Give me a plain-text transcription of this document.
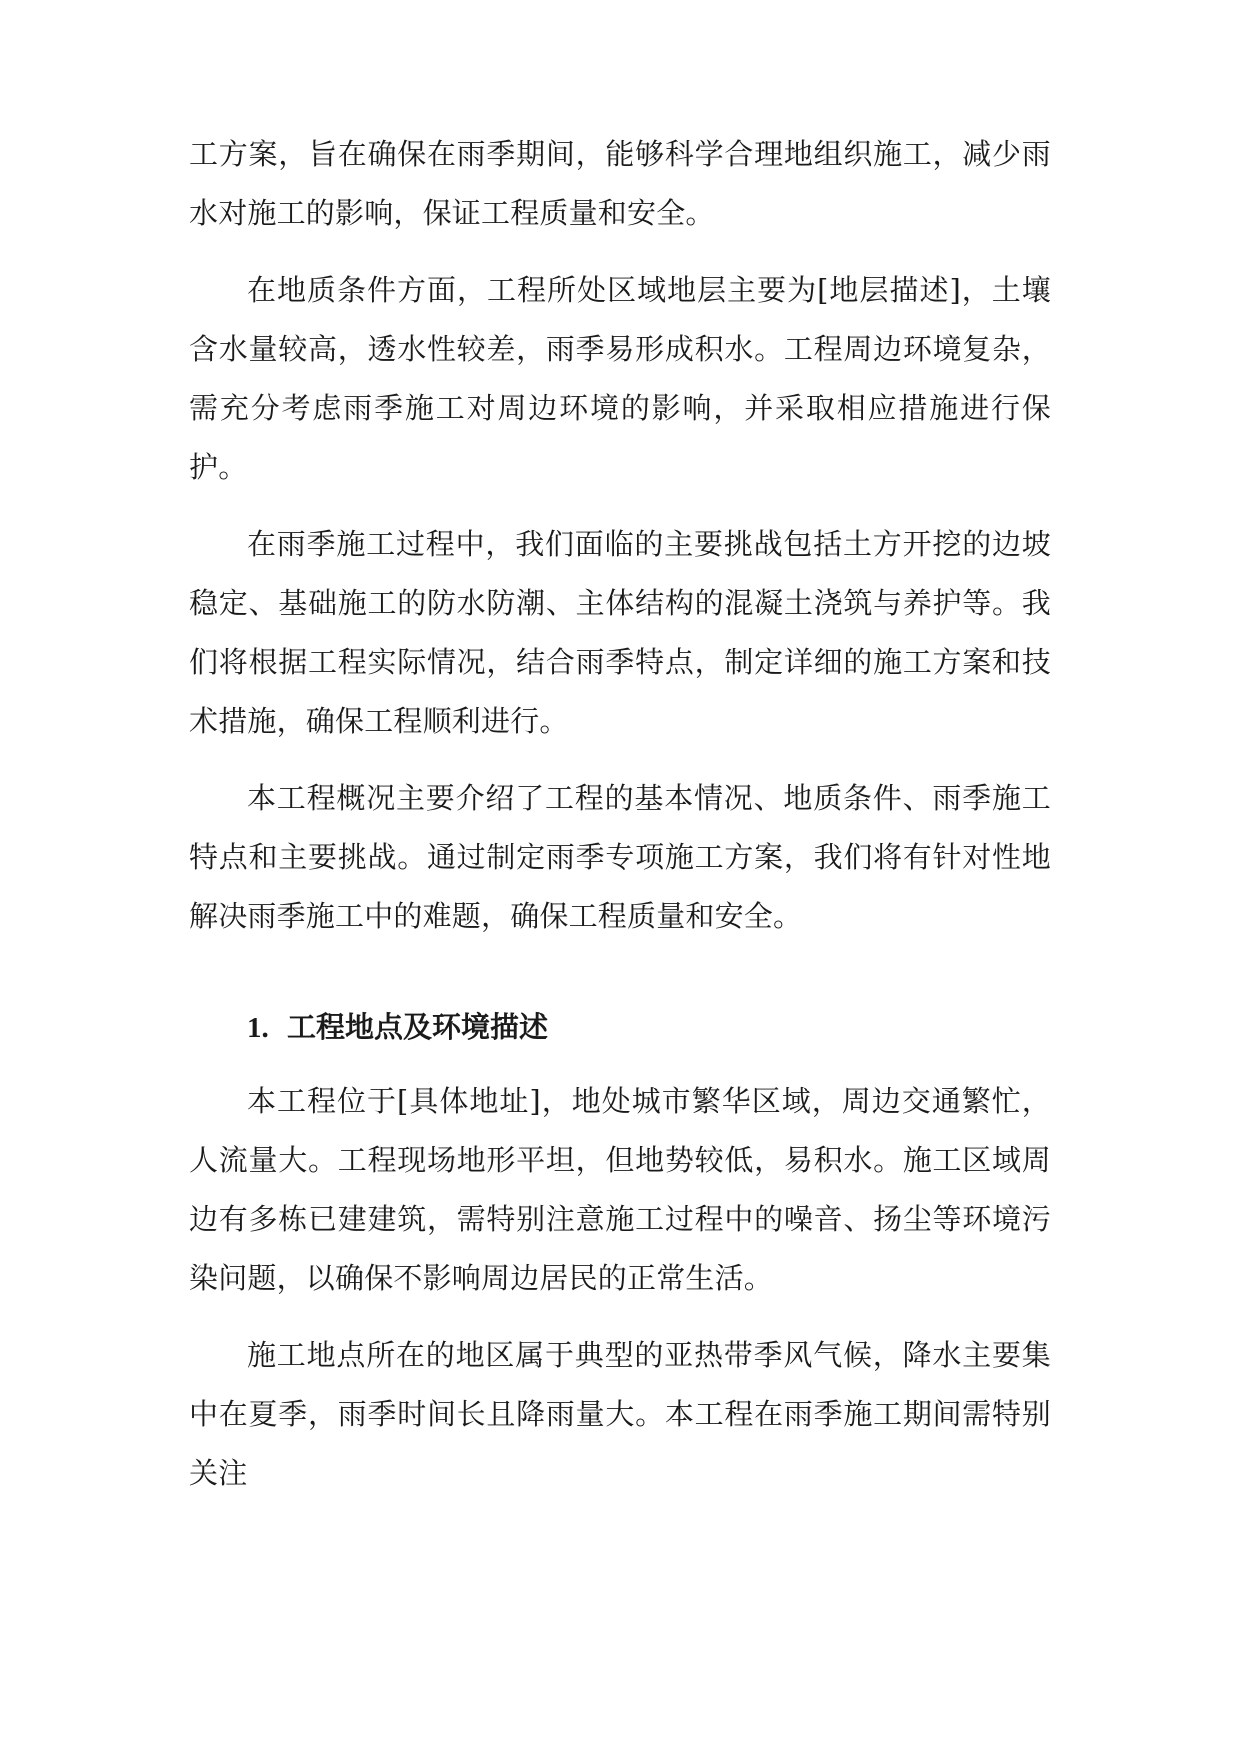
工方案，旨在确保在雨季期间，能够科学合理地组织施工，减少雨水对施工的影响，保证工程质量和安全。

在地质条件方面，工程所处区域地层主要为[地层描述]，土壤含水量较高，透水性较差，雨季易形成积水。工程周边环境复杂，需充分考虑雨季施工对周边环境的影响，并采取相应措施进行保护。

在雨季施工过程中，我们面临的主要挑战包括土方开挖的边坡稳定、基础施工的防水防潮、主体结构的混凝土浇筑与养护等。我们将根据工程实际情况，结合雨季特点，制定详细的施工方案和技术措施，确保工程顺利进行。

本工程概况主要介绍了工程的基本情况、地质条件、雨季施工特点和主要挑战。通过制定雨季专项施工方案，我们将有针对性地解决雨季施工中的难题，确保工程质量和安全。

1. 工程地点及环境描述

本工程位于[具体地址]，地处城市繁华区域，周边交通繁忙，人流量大。工程现场地形平坦，但地势较低，易积水。施工区域周边有多栋已建建筑，需特别注意施工过程中的噪音、扬尘等环境污染问题，以确保不影响周边居民的正常生活。

施工地点所在的地区属于典型的亚热带季风气候，降水主要集中在夏季，雨季时间长且降雨量大。本工程在雨季施工期间需特别关注
